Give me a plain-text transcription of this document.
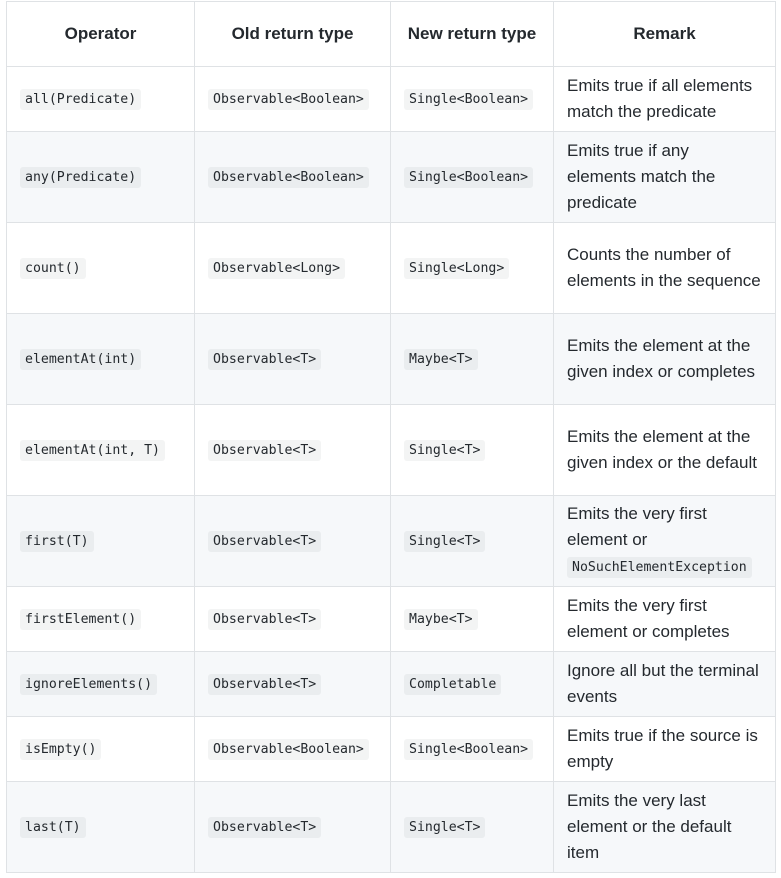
Operator	Old return type	New return type	Remark
all(Predicate)	Observable<Boolean>	Single<Boolean>	Emits true if all elements match the predicate
any(Predicate)	Observable<Boolean>	Single<Boolean>	Emits true if any elements match the predicate
count()	Observable<Long>	Single<Long>	Counts the number of elements in the sequence
elementAt(int)	Observable<T>	Maybe<T>	Emits the element at the given index or completes
elementAt(int, T)	Observable<T>	Single<T>	Emits the element at the given index or the default
first(T)	Observable<T>	Single<T>	Emits the very first element or NoSuchElementException
firstElement()	Observable<T>	Maybe<T>	Emits the very first element or completes
ignoreElements()	Observable<T>	Completable	Ignore all but the terminal events
isEmpty()	Observable<Boolean>	Single<Boolean>	Emits true if the source is empty
last(T)	Observable<T>	Single<T>	Emits the very last element or the default item
